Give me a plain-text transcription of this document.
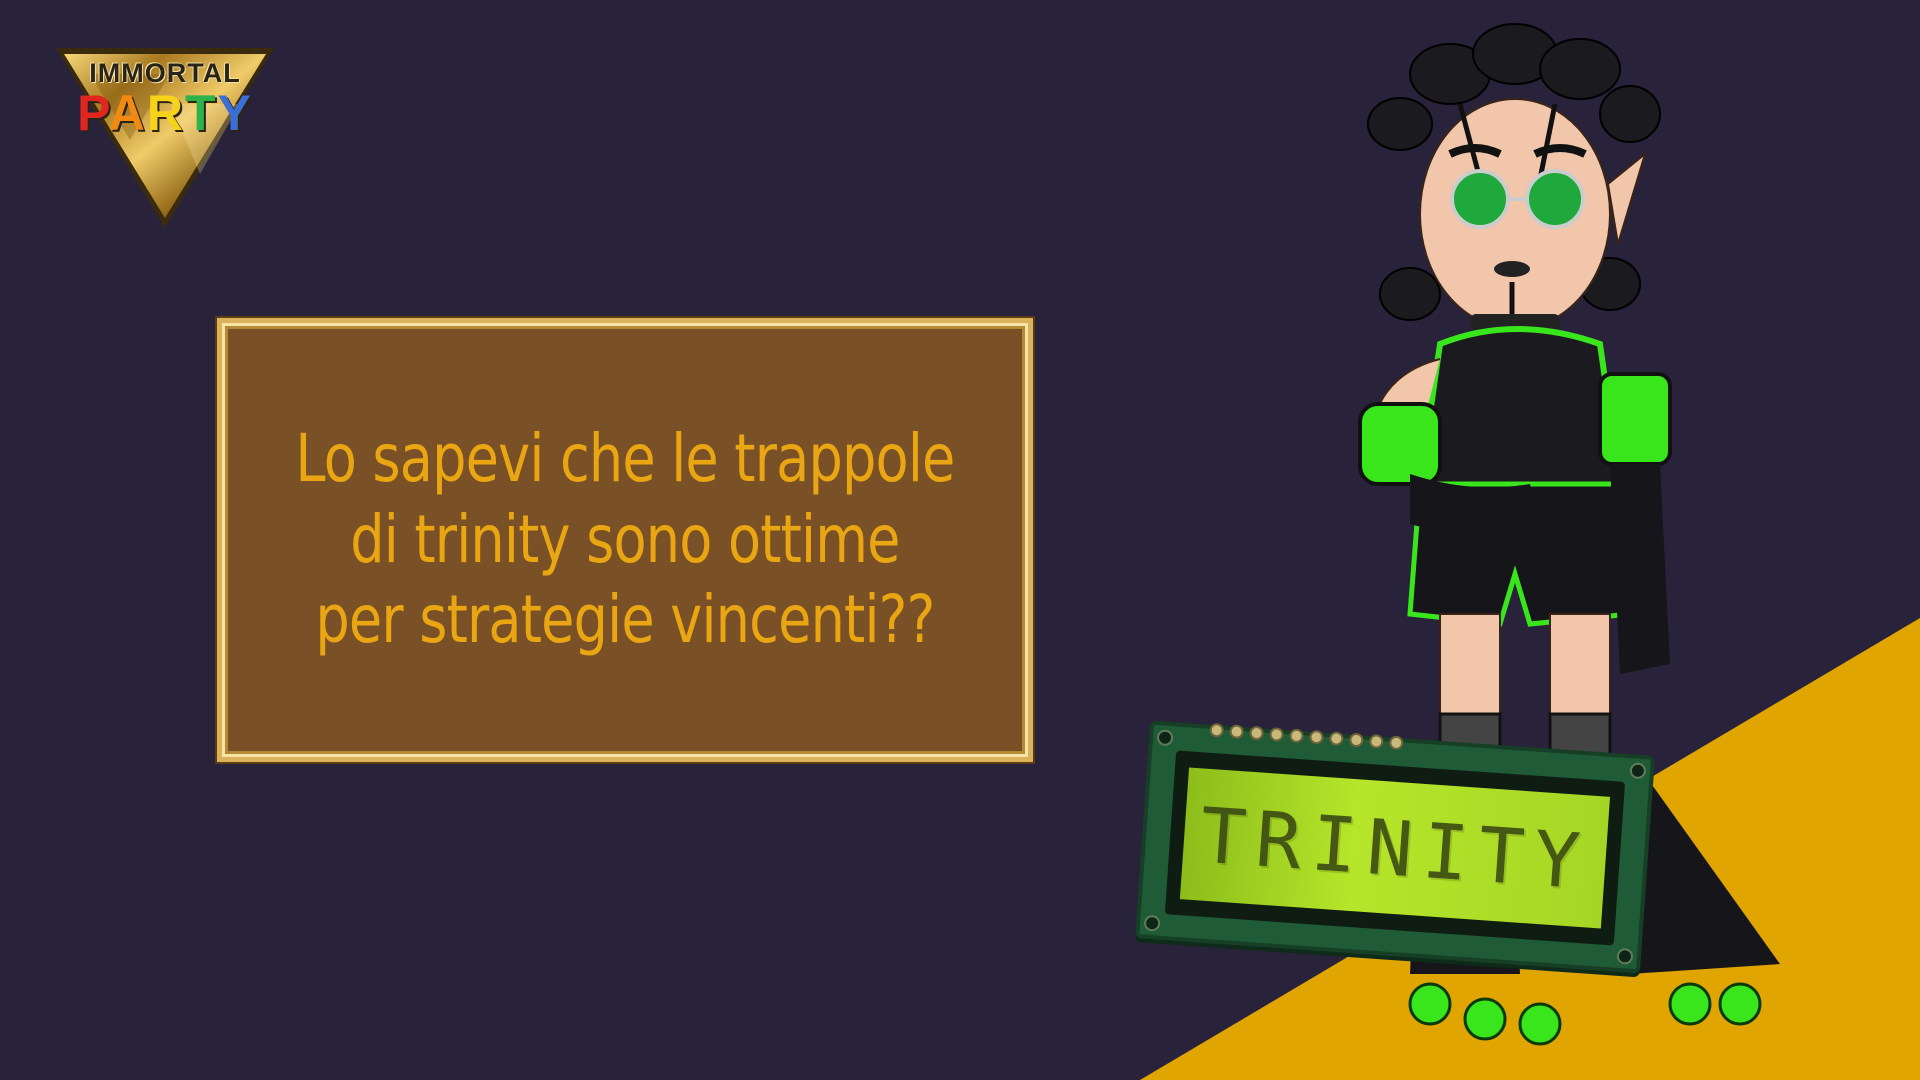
IMMORTAL
PARTY
Lo sapevi che le trappole
di trinity sono ottime
per strategie vincenti??
TRINITY
